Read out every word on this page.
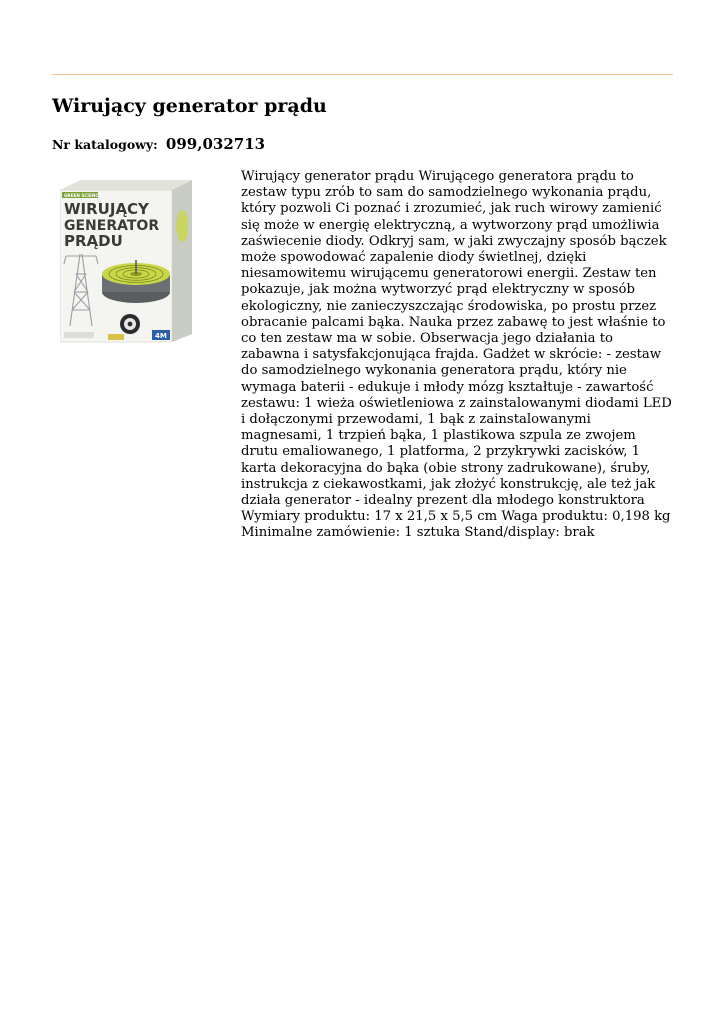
Wirujący generator prądu
Nr katalogowy: 099,032713
GREEN SCIENCE
WIRUJĄCY
GENERATOR
PRĄDU
4M

Wirujący generator prądu Wirującego generatora prądu to zestaw typu zrób to sam do samodzielnego wykonania prądu, który pozwoli Ci poznać i zrozumieć, jak ruch wirowy zamienić się może w energię elektryczną, a wytworzony prąd umożliwia zaświecenie diody. Odkryj sam, w jaki zwyczajny sposób bączek może spowodować zapalenie diody świetlnej, dzięki niesamowitemu wirującemu generatorowi energii. Zestaw ten pokazuje, jak można wytworzyć prąd elektryczny w sposób ekologiczny, nie zanieczyszczając środowiska, po prostu przez obracanie palcami bąka. Nauka przez zabawę to jest właśnie to co ten zestaw ma w sobie. Obserwacja jego działania to zabawna i satysfakcjonująca frajda. Gadżet w skrócie: - zestaw do samodzielnego wykonania generatora prądu, który nie wymaga baterii - edukuje i młody mózg kształtuje - zawartość zestawu: 1 wieża oświetleniowa z zainstalowanymi diodami LED i dołączonymi przewodami, 1 bąk z zainstalowanymi magnesami, 1 trzpień bąka, 1 plastikowa szpula ze zwojem drutu emaliowanego, 1 platforma, 2 przykrywki zacisków, 1 karta dekoracyjna do bąka (obie strony zadrukowane), śruby, instrukcja z ciekawostkami, jak złożyć konstrukcję, ale też jak działa generator - idealny prezent dla młodego konstruktora Wymiary produktu: 17 x 21,5 x 5,5 cm Waga produktu: 0,198 kg Minimalne zamówienie: 1 sztuka Stand/display: brak
